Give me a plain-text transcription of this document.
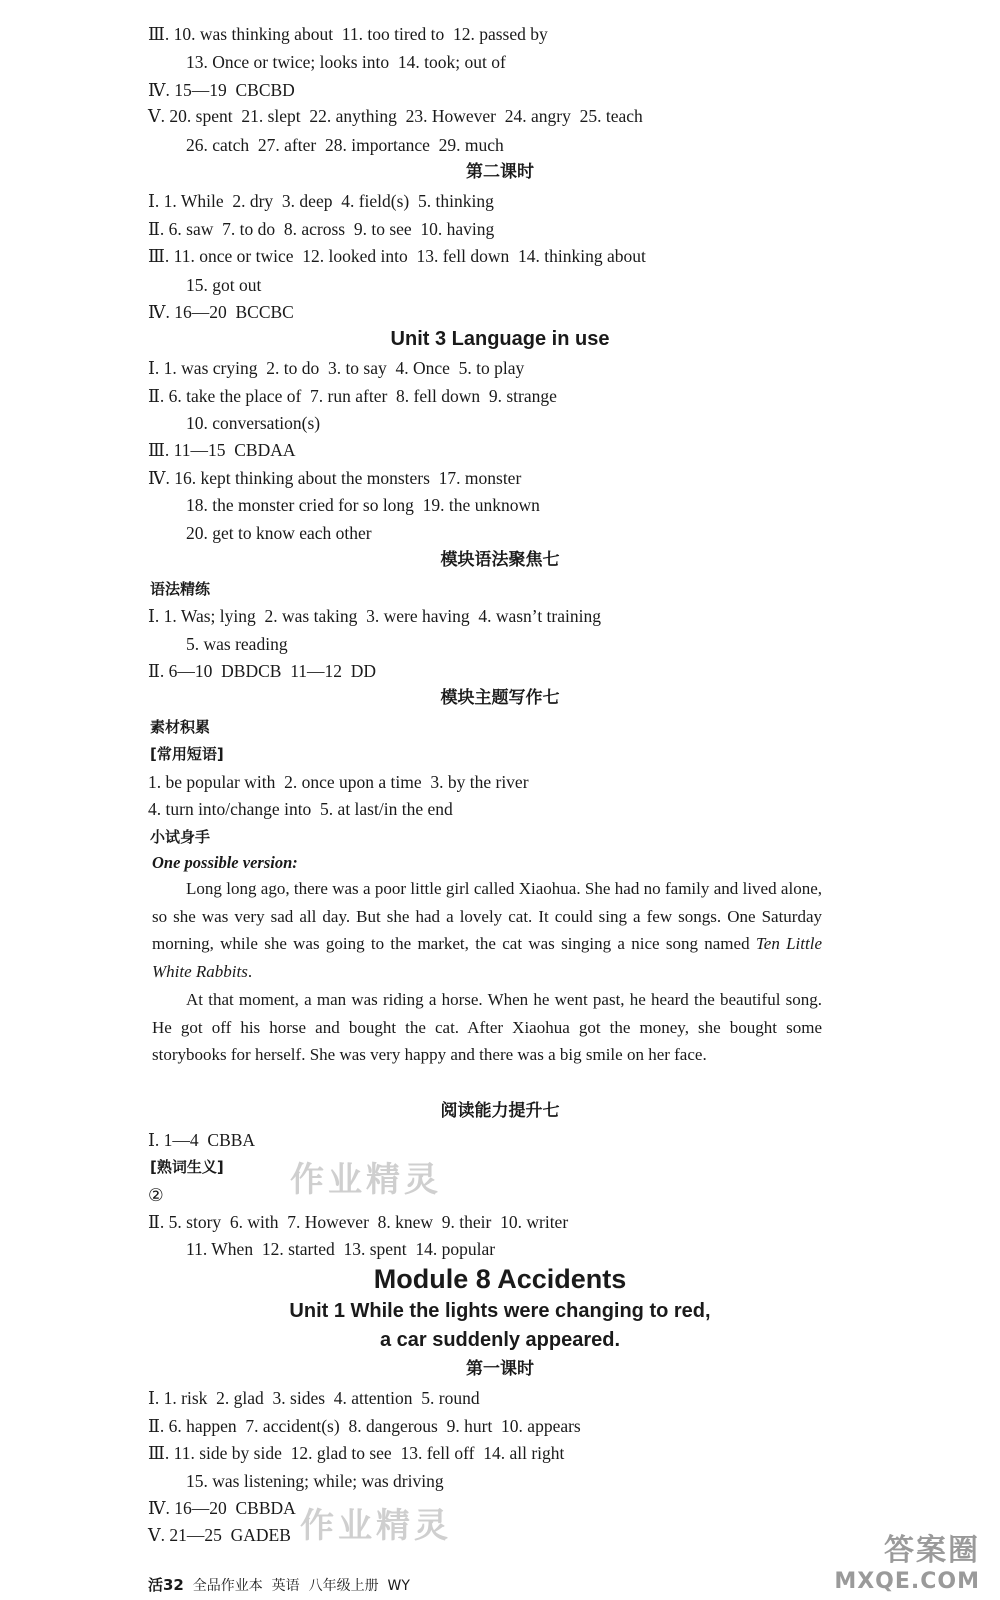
Ⅲ. 10. was thinking about  11. too tired to  12. passed by
13. Once or twice; looks into  14. took; out of
Ⅳ. 15—19  CBCBD
Ⅴ. 20. spent  21. slept  22. anything  23. However  24. angry  25. teach
26. catch  27. after  28. importance  29. much
第二课时
Ⅰ. 1. While  2. dry  3. deep  4. field(s)  5. thinking
Ⅱ. 6. saw  7. to do  8. across  9. to see  10. having
Ⅲ. 11. once or twice  12. looked into  13. fell down  14. thinking about
15. got out
Ⅳ. 16—20  BCCBC
Unit 3 Language in use
Ⅰ. 1. was crying  2. to do  3. to say  4. Once  5. to play
Ⅱ. 6. take the place of  7. run after  8. fell down  9. strange
10. conversation(s)
Ⅲ. 11—15  CBDAA
Ⅳ. 16. kept thinking about the monsters  17. monster
18. the monster cried for so long  19. the unknown
20. get to know each other
模块语法聚焦七
语法精练
Ⅰ. 1. Was; lying  2. was taking  3. were having  4. wasn’t training
5. was reading
Ⅱ. 6—10  DBDCB  11—12  DD
模块主题写作七
素材积累
[常用短语]
1. be popular with  2. once upon a time  3. by the river
4. turn into/change into  5. at last/in the end
小试身手
One possible version:
Long long ago, there was a poor little girl called Xiaohua. She had no family and lived alone, so she was very sad all day. But she had a lovely cat. It could sing a few songs. One Saturday morning, while she was going to the market, the cat was singing a nice song named Ten Little White Rabbits.
At that moment, a man was riding a horse. When he went past, he heard the beautiful song. He got off his horse and bought the cat. After Xiaohua got the money, she bought some storybooks for herself. She was very happy and there was a big smile on her face.
阅读能力提升七
Ⅰ. 1—4  CBBA
[熟词生义]
②
Ⅱ. 5. story  6. with  7. However  8. knew  9. their  10. writer
11. When  12. started  13. spent  14. popular
Module 8 Accidents
Unit 1 While the lights were changing to red,
a car suddenly appeared.
第一课时
Ⅰ. 1. risk  2. glad  3. sides  4. attention  5. round
Ⅱ. 6. happen  7. accident(s)  8. dangerous  9. hurt  10. appears
Ⅲ. 11. side by side  12. glad to see  13. fell off  14. all right
15. was listening; while; was driving
Ⅳ. 16—20  CBBDA
Ⅴ. 21—25  GADEB
作业精灵
作业精灵
活32 全品作业本  英语  八年级上册  WY
答案圈
MXQE.COM
